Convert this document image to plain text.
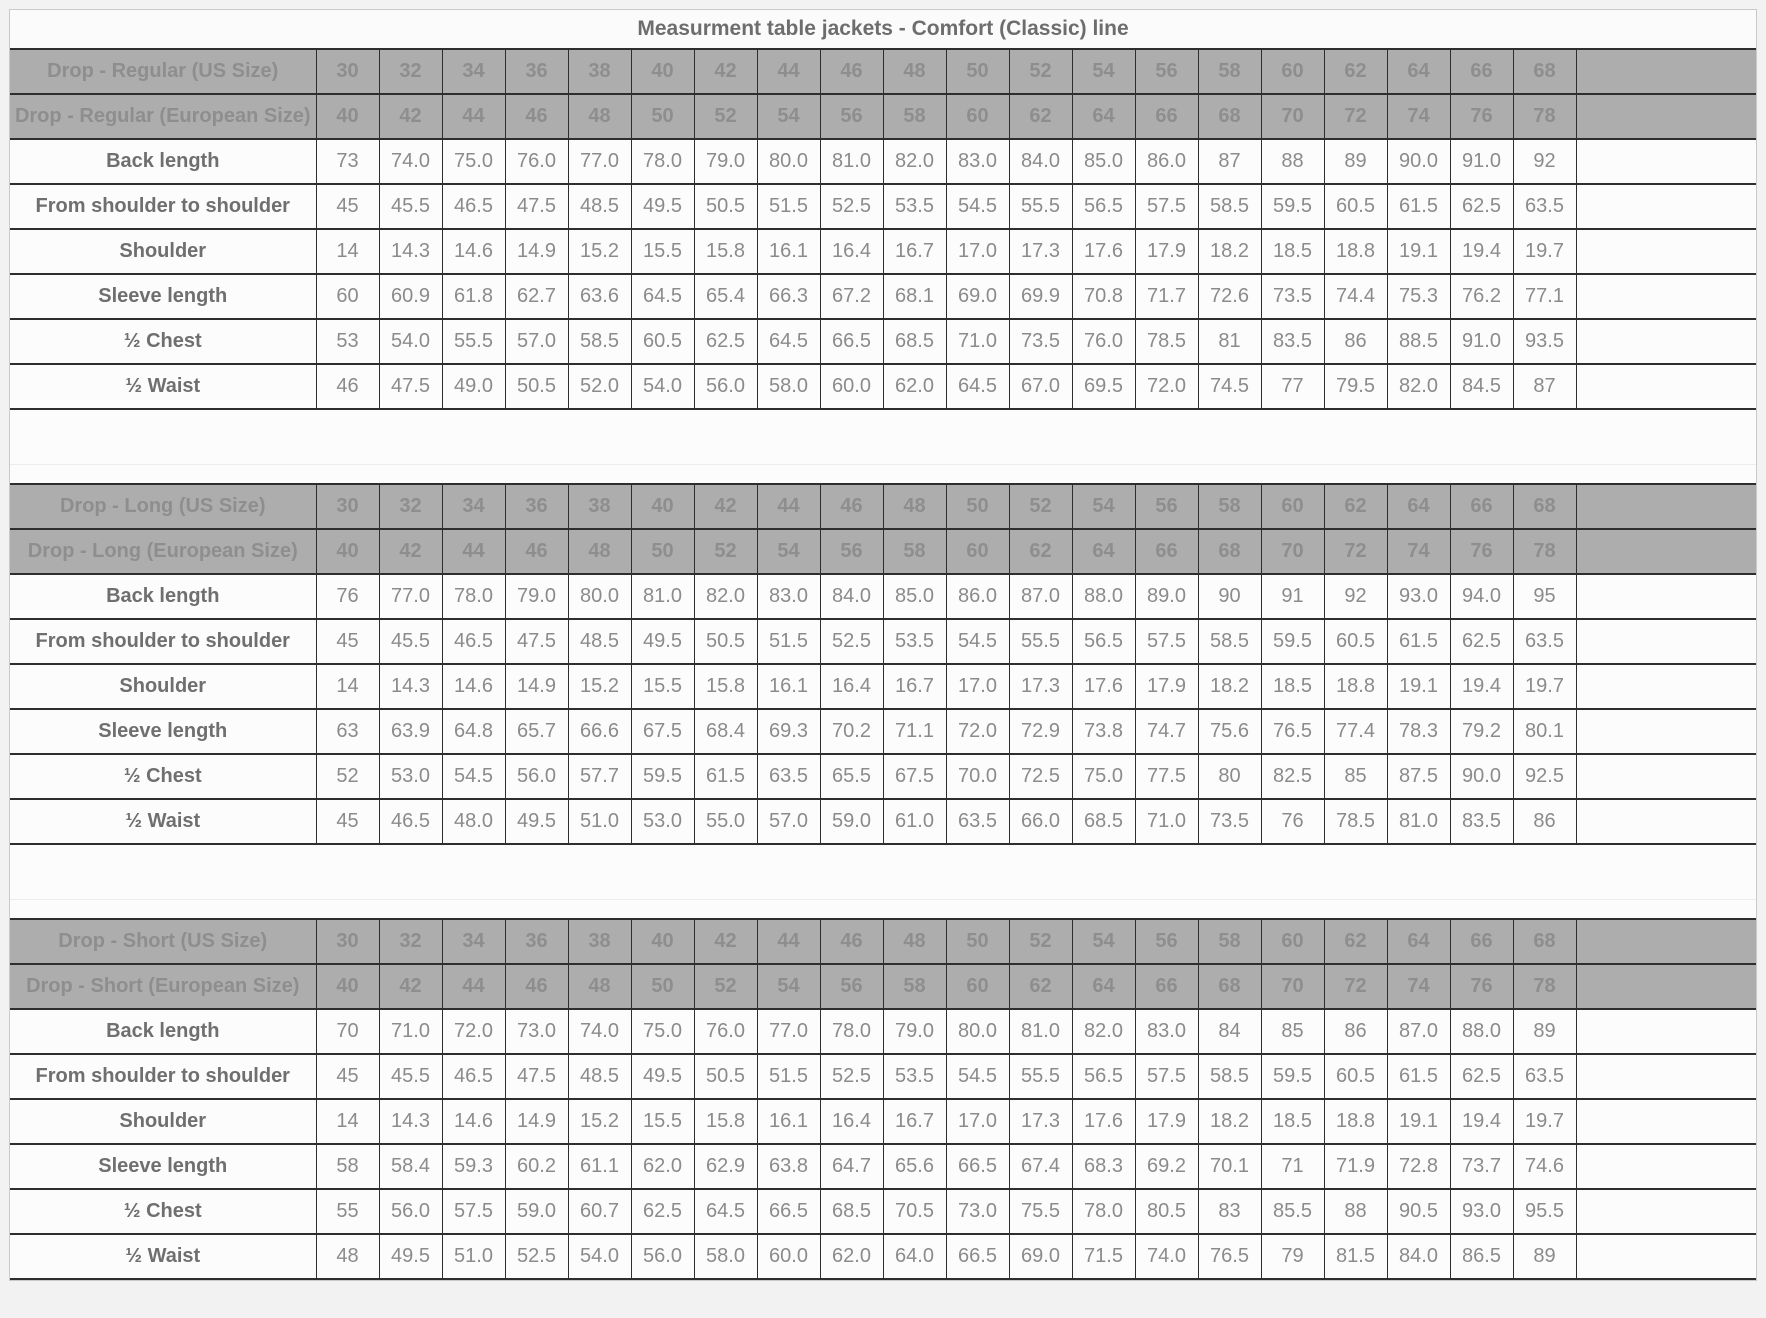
Measurment table jackets - Comfort (Classic) line
Drop - Regular (US Size)	30	32	34	36	38	40	42	44	46	48	50	52	54	56	58	60	62	64	66	68	
Drop - Regular (European Size)	40	42	44	46	48	50	52	54	56	58	60	62	64	66	68	70	72	74	76	78	
Back length	73	74.0	75.0	76.0	77.0	78.0	79.0	80.0	81.0	82.0	83.0	84.0	85.0	86.0	87	88	89	90.0	91.0	92	
From shoulder to shoulder	45	45.5	46.5	47.5	48.5	49.5	50.5	51.5	52.5	53.5	54.5	55.5	56.5	57.5	58.5	59.5	60.5	61.5	62.5	63.5	
Shoulder	14	14.3	14.6	14.9	15.2	15.5	15.8	16.1	16.4	16.7	17.0	17.3	17.6	17.9	18.2	18.5	18.8	19.1	19.4	19.7	
Sleeve length	60	60.9	61.8	62.7	63.6	64.5	65.4	66.3	67.2	68.1	69.0	69.9	70.8	71.7	72.6	73.5	74.4	75.3	76.2	77.1	
½ Chest	53	54.0	55.5	57.0	58.5	60.5	62.5	64.5	66.5	68.5	71.0	73.5	76.0	78.5	81	83.5	86	88.5	91.0	93.5	
½ Waist	46	47.5	49.0	50.5	52.0	54.0	56.0	58.0	60.0	62.0	64.5	67.0	69.5	72.0	74.5	77	79.5	82.0	84.5	87	

Drop - Long (US Size)	30	32	34	36	38	40	42	44	46	48	50	52	54	56	58	60	62	64	66	68	
Drop - Long (European Size)	40	42	44	46	48	50	52	54	56	58	60	62	64	66	68	70	72	74	76	78	
Back length	76	77.0	78.0	79.0	80.0	81.0	82.0	83.0	84.0	85.0	86.0	87.0	88.0	89.0	90	91	92	93.0	94.0	95	
From shoulder to shoulder	45	45.5	46.5	47.5	48.5	49.5	50.5	51.5	52.5	53.5	54.5	55.5	56.5	57.5	58.5	59.5	60.5	61.5	62.5	63.5	
Shoulder	14	14.3	14.6	14.9	15.2	15.5	15.8	16.1	16.4	16.7	17.0	17.3	17.6	17.9	18.2	18.5	18.8	19.1	19.4	19.7	
Sleeve length	63	63.9	64.8	65.7	66.6	67.5	68.4	69.3	70.2	71.1	72.0	72.9	73.8	74.7	75.6	76.5	77.4	78.3	79.2	80.1	
½ Chest	52	53.0	54.5	56.0	57.7	59.5	61.5	63.5	65.5	67.5	70.0	72.5	75.0	77.5	80	82.5	85	87.5	90.0	92.5	
½ Waist	45	46.5	48.0	49.5	51.0	53.0	55.0	57.0	59.0	61.0	63.5	66.0	68.5	71.0	73.5	76	78.5	81.0	83.5	86	

Drop - Short (US Size)	30	32	34	36	38	40	42	44	46	48	50	52	54	56	58	60	62	64	66	68	
Drop - Short (European Size)	40	42	44	46	48	50	52	54	56	58	60	62	64	66	68	70	72	74	76	78	
Back length	70	71.0	72.0	73.0	74.0	75.0	76.0	77.0	78.0	79.0	80.0	81.0	82.0	83.0	84	85	86	87.0	88.0	89	
From shoulder to shoulder	45	45.5	46.5	47.5	48.5	49.5	50.5	51.5	52.5	53.5	54.5	55.5	56.5	57.5	58.5	59.5	60.5	61.5	62.5	63.5	
Shoulder	14	14.3	14.6	14.9	15.2	15.5	15.8	16.1	16.4	16.7	17.0	17.3	17.6	17.9	18.2	18.5	18.8	19.1	19.4	19.7	
Sleeve length	58	58.4	59.3	60.2	61.1	62.0	62.9	63.8	64.7	65.6	66.5	67.4	68.3	69.2	70.1	71	71.9	72.8	73.7	74.6	
½ Chest	55	56.0	57.5	59.0	60.7	62.5	64.5	66.5	68.5	70.5	73.0	75.5	78.0	80.5	83	85.5	88	90.5	93.0	95.5	
½ Waist	48	49.5	51.0	52.5	54.0	56.0	58.0	60.0	62.0	64.0	66.5	69.0	71.5	74.0	76.5	79	81.5	84.0	86.5	89	
